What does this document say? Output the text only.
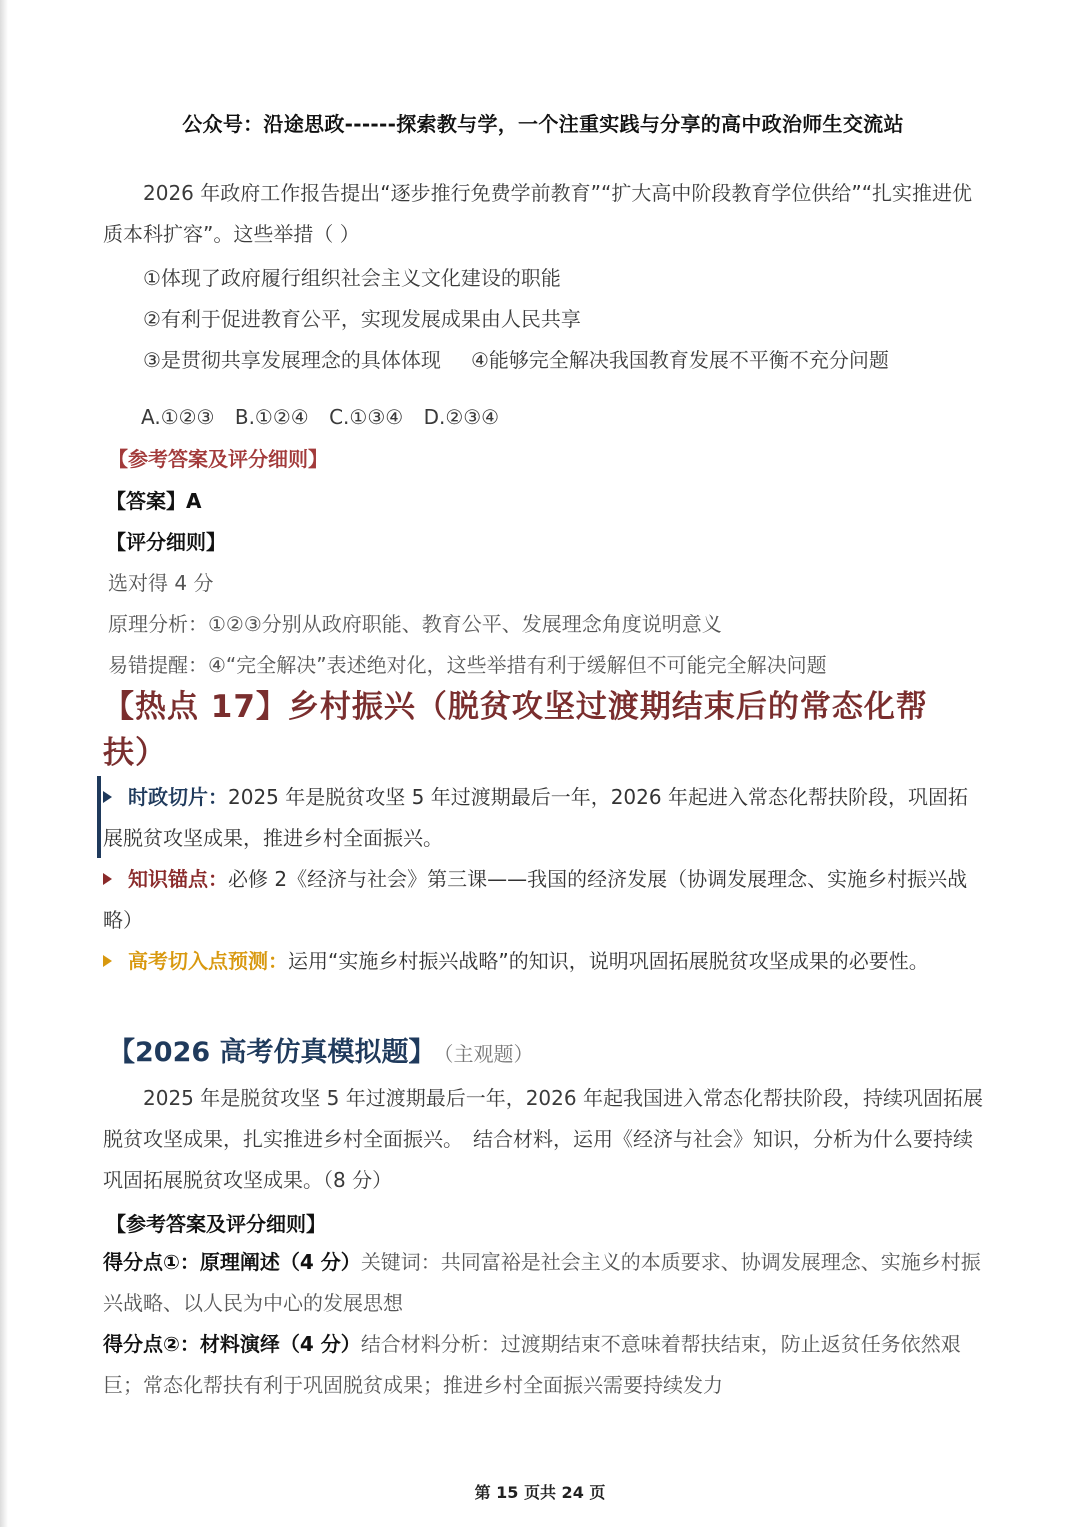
公众号：沿途思政------探索教与学，一个注重实践与分享的高中政治师生交流站
2026 年政府工作报告提出“逐步推行免费学前教育”“扩大高中阶段教育学位供给”“扎实推进优质本科扩容”。这些举措（ ）
①体现了政府履行组织社会主义文化建设的职能
②有利于促进教育公平，实现发展成果由人民共享
③是贯彻共享发展理念的具体体现 ④能够完全解决我国教育发展不平衡不充分问题
A.①②③ B.①②④ C.①③④ D.②③④
【参考答案及评分细则】
【答案】A
【评分细则】
选对得 4 分
原理分析：①②③分别从政府职能、教育公平、发展理念角度说明意义
易错提醒：④“完全解决”表述绝对化，这些举措有利于缓解但不可能完全解决问题
【热点 17】乡村振兴（脱贫攻坚过渡期结束后的常态化帮扶）
时政切片：2025 年是脱贫攻坚 5 年过渡期最后一年，2026 年起进入常态化帮扶阶段，巩固拓展脱贫攻坚成果，推进乡村全面振兴。
知识锚点：必修 2《经济与社会》第三课——我国的经济发展（协调发展理念、实施乡村振兴战略）
高考切入点预测：运用“实施乡村振兴战略”的知识，说明巩固拓展脱贫攻坚成果的必要性。
【2026 高考仿真模拟题】 （主观题）
2025 年是脱贫攻坚 5 年过渡期最后一年，2026 年起我国进入常态化帮扶阶段，持续巩固拓展脱贫攻坚成果，扎实推进乡村全面振兴。　结合材料，运用《经济与社会》知识，分析为什么要持续巩固拓展脱贫攻坚成果。（8 分）
【参考答案及评分细则】
得分点①：原理阐述（4 分）关键词：共同富裕是社会主义的本质要求、协调发展理念、实施乡村振兴战略、以人民为中心的发展思想
得分点②：材料演绎（4 分）结合材料分析：过渡期结束不意味着帮扶结束，防止返贫任务依然艰巨；常态化帮扶有利于巩固脱贫成果；推进乡村全面振兴需要持续发力
第 15 页共 24 页
